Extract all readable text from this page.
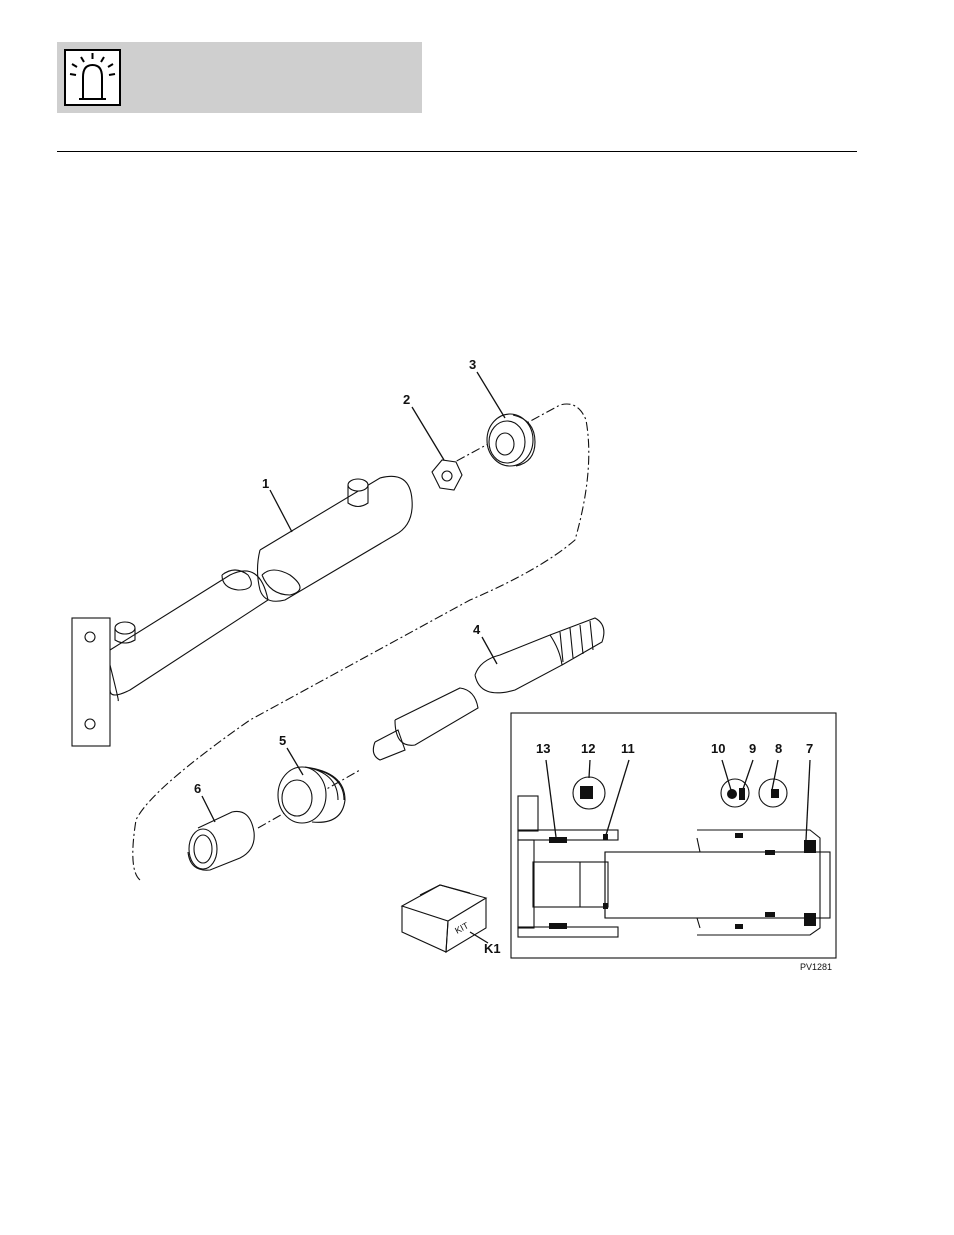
1
2
3
4
5
6
7
8
9
10
11
12
13
K1
KIT
PV1281
